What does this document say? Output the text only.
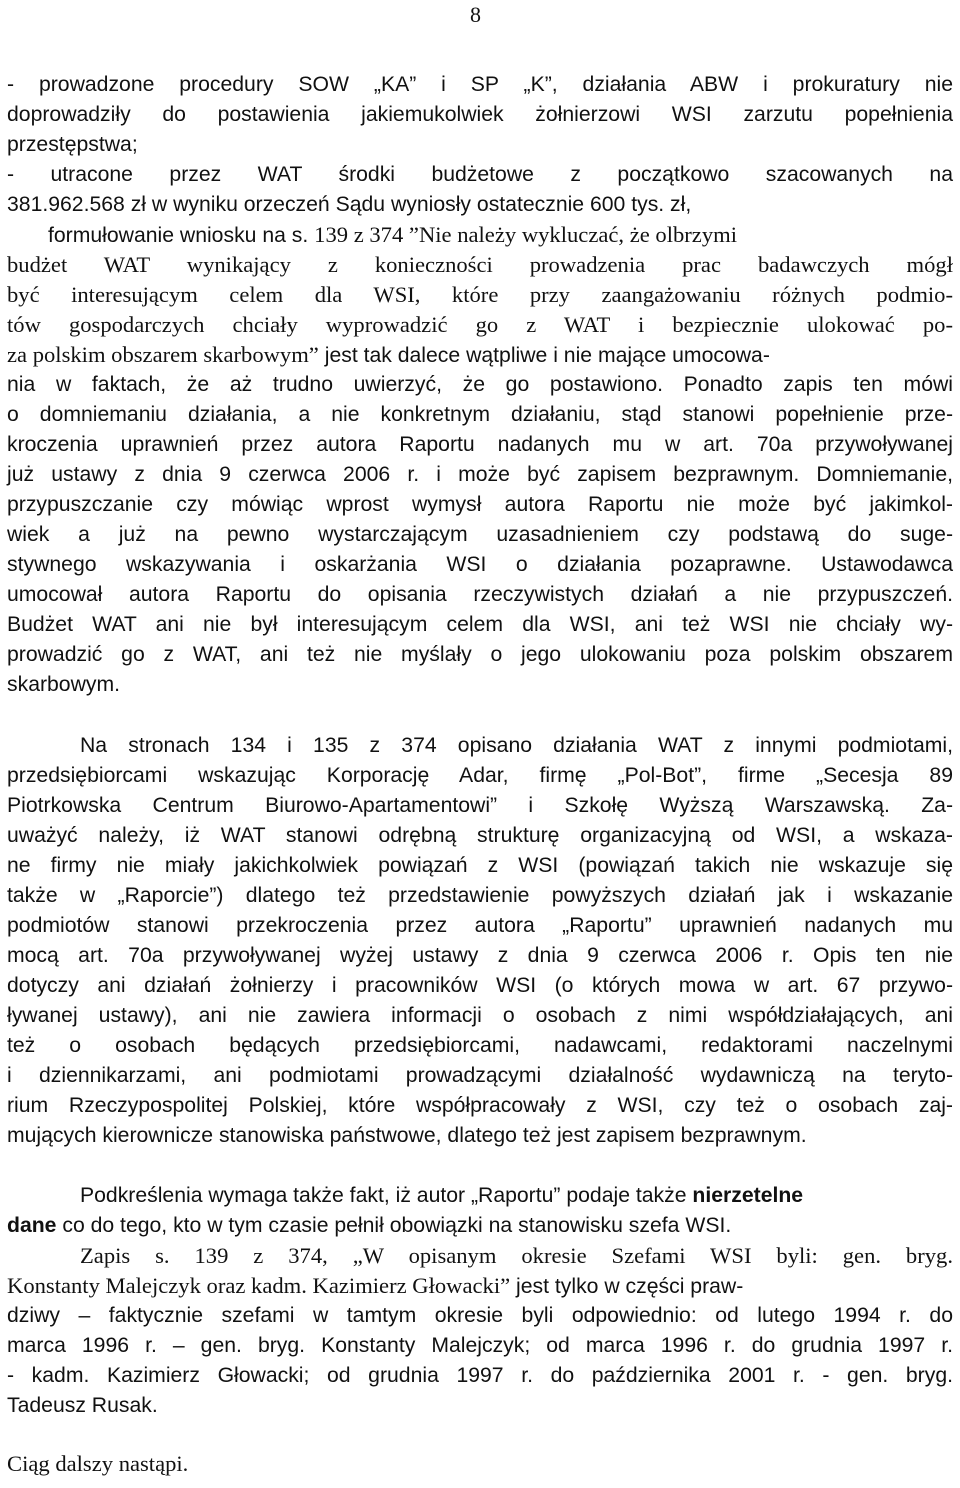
8
- prowadzone procedury SOW „KA” i SP „K”, działania ABW i prokuratury nie
doprowadziły do postawienia jakiemukolwiek żołnierzowi WSI zarzutu popełnienia
przestępstwa;
- utracone przez WAT środki budżetowe z początkowo szacowanych na
381.962.568 zł w wyniku orzeczeń Sądu wyniosły ostatecznie 600 tys. zł,
formułowanie wniosku na s. 139 z 374 ”Nie należy wykluczać, że olbrzymi
budżet WAT wynikający z konieczności prowadzenia prac badawczych mógł
być interesującym celem dla WSI, które przy zaangażowaniu różnych podmio-
tów gospodarczych chciały wyprowadzić go z WAT i bezpiecznie ulokować po-
za polskim obszarem skarbowym” jest tak dalece wątpliwe i nie mające umocowa-
nia w faktach, że aż trudno uwierzyć, że go postawiono. Ponadto zapis ten mówi
o domniemaniu działania, a nie konkretnym działaniu, stąd stanowi popełnienie prze-
kroczenia uprawnień przez autora Raportu nadanych mu w art. 70a przywoływanej
już ustawy z dnia 9 czerwca 2006 r. i może być zapisem bezprawnym. Domniemanie,
przypuszczanie czy mówiąc wprost wymysł autora Raportu nie może być jakimkol-
wiek a już na pewno wystarczającym uzasadnieniem czy podstawą do suge-
stywnego wskazywania i oskarżania WSI o działania pozaprawne. Ustawodawca
umocował autora Raportu do opisania rzeczywistych działań a nie przypuszczeń.
Budżet WAT ani nie był interesującym celem dla WSI, ani też WSI nie chciały wy-
prowadzić go z WAT, ani też nie myślały o jego ulokowaniu poza polskim obszarem
skarbowym.
Na stronach 134 i 135 z 374 opisano działania WAT z innymi podmiotami,
przedsiębiorcami wskazując Korporację Adar, firmę „Pol-Bot”, firme „Secesja 89
Piotrkowska Centrum Biurowo-Apartamentowi” i Szkołę Wyższą Warszawską. Za-
uważyć należy, iż WAT stanowi odrębną strukturę organizacyjną od WSI, a wskaza-
ne firmy nie miały jakichkolwiek powiązań z WSI (powiązań takich nie wskazuje się
także w „Raporcie”) dlatego też przedstawienie powyższych działań jak i wskazanie
podmiotów stanowi przekroczenia przez autora „Raportu” uprawnień nadanych mu
mocą art. 70a przywoływanej wyżej ustawy z dnia 9 czerwca 2006 r. Opis ten nie
dotyczy ani działań żołnierzy i pracowników WSI (o których mowa w art. 67 przywo-
ływanej ustawy), ani nie zawiera informacji o osobach z nimi współdziałających, ani
też o osobach będących przedsiębiorcami, nadawcami, redaktorami naczelnymi
i dziennikarzami, ani podmiotami prowadzącymi działalność wydawniczą na teryto-
rium Rzeczypospolitej Polskiej, które współpracowały z WSI, czy też o osobach zaj-
mujących kierownicze stanowiska państwowe, dlatego też jest zapisem bezprawnym.
Podkreślenia wymaga także fakt, iż autor „Raportu” podaje także nierzetelne
dane co do tego, kto w tym czasie pełnił obowiązki na stanowisku szefa WSI.
Zapis s. 139 z 374, „W opisanym okresie Szefami WSI byli: gen. bryg.
Konstanty Malejczyk oraz kadm. Kazimierz Głowacki” jest tylko w części praw-
dziwy – faktycznie szefami w tamtym okresie byli odpowiednio: od lutego 1994 r. do
marca 1996 r. – gen. bryg. Konstanty Malejczyk; od marca 1996 r. do grudnia 1997 r.
- kadm. Kazimierz Głowacki; od grudnia 1997 r. do października 2001 r. - gen. bryg.
Tadeusz Rusak.
Ciąg dalszy nastąpi.
